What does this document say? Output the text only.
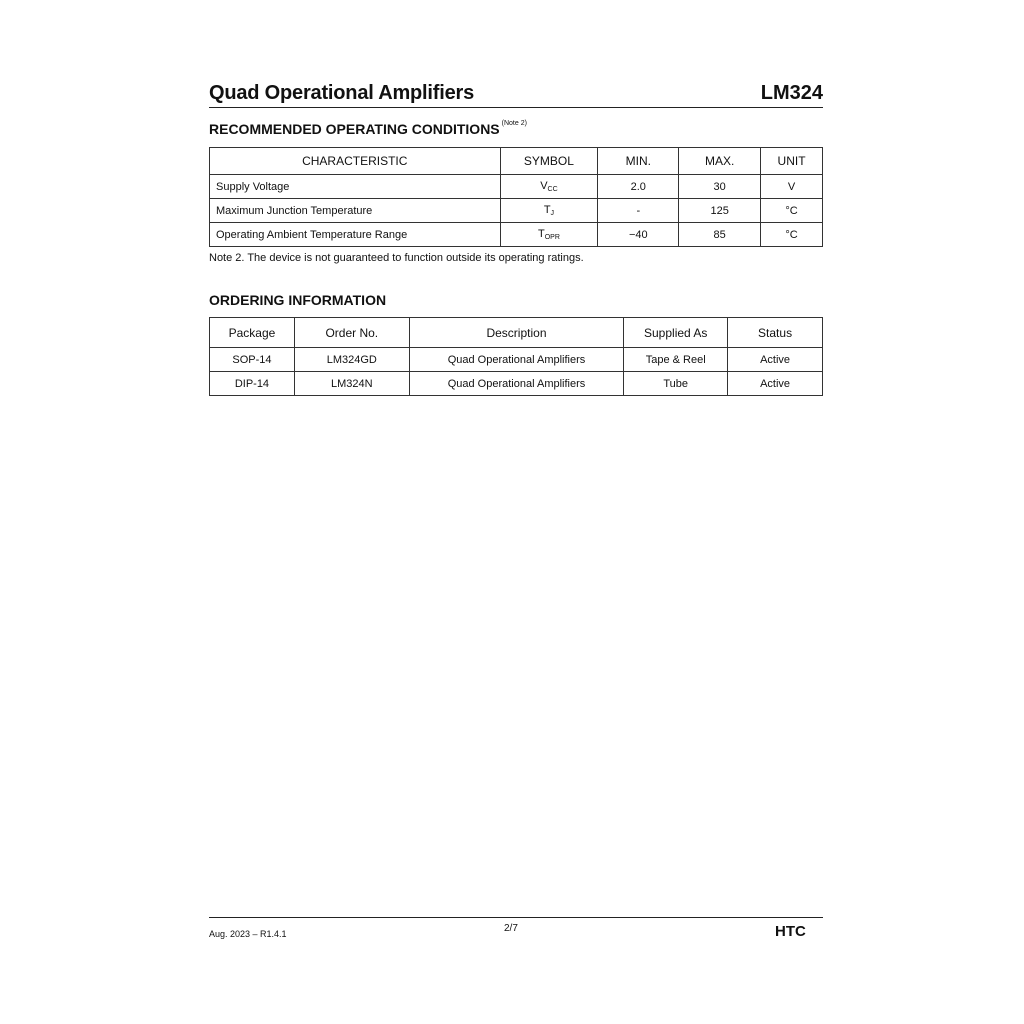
Quad Operational Amplifiers	LM324
RECOMMENDED OPERATING CONDITIONS $^{(Note 2)}$
CHARACTERISTIC	SYMBOL	MIN.	MAX.	UNIT
Supply Voltage	$V_{CC}$	2.0	30	V
Maximum Junction Temperature	$T_J$	-	125	°C
Operating Ambient Temperature Range	$T_{OPR}$	−40	85	°C
Note 2. The device is not guaranteed to function outside its operating ratings.
ORDERING INFORMATION
Package	Order No.	Description	Supplied As	Status
SOP-14	LM324GD	Quad Operational Amplifiers	Tape & Reel	Active
DIP-14	LM324N	Quad Operational Amplifiers	Tube	Active
Aug. 2023 – R1.4.1	2/7	HTC
